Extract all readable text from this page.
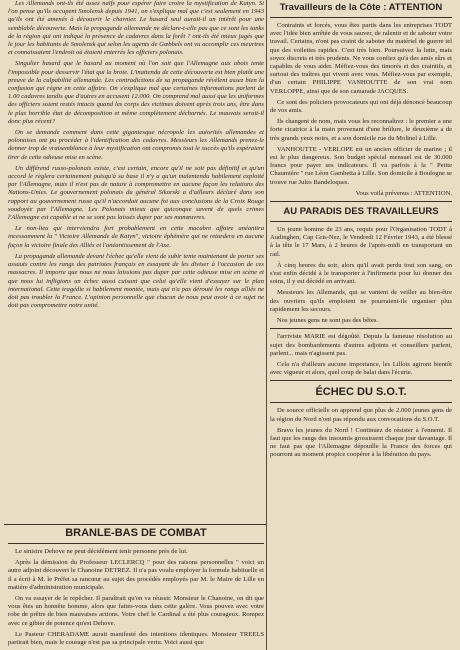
Les Allemands ont-ils été assez naïfs pour espérer faire croire la mystification de Katyn. Si l'on pense qu'ils occupent Smolensk depuis 1941, on s'explique mal que c'est seulement en 1943 qu'ils ont été amenés à découvrir le charnier. Le hasard seul aurait-il un intérêt pour une semblable découverte. Mais la propagande allemande ne déclare-t-elle pas que ce sont les tanks de la région qui ont indiqué la présence de cadavres dans la forêt ? ont-ils été mieux jugés que le jour les habitants de Smolensk qui selon les agents de Gœbbels ont vu accomplir ces meurtres et connaissaient l'endroit où étaient enterrés les officiers polonais.

Singulier hasard que le hasard au moment où l'on sait que l'Allemagne aux abois tente l'impossible pour desservir l'état qui la broie. L'inattendu de cette découverte est bien plutôt une preuve de la culpabilité allemande. Les contradictions de sa propagande révèlent assez bien la confusion qui règne en cette affaire. On s'explique mal que certaines informations parlent de 1.00 cadavres tandis que d'autres en accusent 12.000. On comprend mal aussi que les uniformes des officiers soient restés intacts quand les corps des victimes doivent après trois ans, être dans le plus horrible état de décomposition et même complètement décharnés. Le mauvais serait-il donc plus récent?

On se demande comment dans cette gigantesque nécropole les autorités allemandes et polonaises ont pu procéder à l'identification des cadavres. Messieurs les Allemands prenez-le donner trop de vraisemblance à leur mystification ont compromis tout le succès qu'ils espéraient tirer de cette odieuse mise en scène.

Un différend russo-polonais existe, c'est certain, encore qu'il ne soit pas définitif et qu'un accord le règlera certainement puisqu'à sa base il n'y a qu'un malentendu habilement exploité par l'Allemagne, mais il n'est pas de nature à compromettre en aucune façon les relations des Nations-Unies. Le gouvernement polonais du général Sikorski a d'ailleurs déclaré dans son rapport au gouvernement russe qu'il n'accordait aucune foi aux conclusions de la Croix Rouge soudoyée par l'Allemagne. Les Polonais mieux que quiconque savent de quels crimes l'Allemagne est capable et ne se sont pas laissés duper par ses manœuvres.

Le non-lieu qui interviendra fort probablement en cette macabre affaire anéantira incessamment la " Victoire Allemande de Katyn", victoire éphémère qui ne retardera en aucune façon la victoire finale des Alliés et l'anéantissement de l'Axe.

La propagande allemande devant l'échec qu'elle vient de subir tente maintenant de porter ses assauts contre les rangs des patriotes français en essayant de les diviser à l'occasion de ces massacres. Il importe que nous ne nous laissions pas duper par cette odieuse mise en scène et que nous lui infligions un échec aussi cuisant que celui qu'elle vient d'essuyer sur le plan international. Cette tragédie si habilement montée, mais qui n'a pas dérouté les rangs alliés ne doit pas troubler la France. L'opinion personnelle que chacun de nous peut avoir à ce sujet ne doit pas compromettre notre unité.

BRANLE-BAS DE COMBAT

Le sinistre Dehove ne peut décidément tenir personne près de lui.

Après la démission du Professeur LECLERCQ " pour des raisons personnelles " voici un autre adjoint découvert le Chanoine DETREZ. Il n'a pas voulu employer la formule habituelle et il a écrit à M. le Préfet sa rancœur au sujet des procédés employés par M. le Maire de Lille en matière d'administration municipale.

On va essayer de le repêcher. Il paraîtrait qu'on va réussir. Monsieur le Chanoine, on dit que vous êtes un honnête homme, alors que faites-vous dans cette galère. Vous pouvez avec votre robe de prêtre de bien mauvaises actions. Votre chef le Cardinal a été plus courageux. Rompez avec ce gibier de potence qu'est Dehove.

Le Pasteur CHERADAME aurait manifesté des intentions identiques. Monsieur TREELS partirait bien, mais le courage n'est pas sa principale vertu. Voici aussi que

Travailleurs de la Côte : ATTENTION

Contraints et forcés, vous êtes partis dans les entreprises TODT avec l'idée bien arrêtée de vous sauver, de ralentir et de saboter votre travail. Certains, n'ont pas craint de saboter du matériel de guerre tel que des voilettes rapides. C'est très bien. Poursuivez la lutte, mais soyez discrets et très prudents. Ne vous confiez qu'à des amis sûrs et capables de vous aider. Méfiez-vous des timorés et des craintifs, et surtout des traîtres qui vivent avec vous. Méfiez-vous par exemple, d'un certain PHILIPPE VANHOUTTE de son vrai nom VERLOPPE, ainsi que de son camarade JACQUES.

Ce sont des policiers provocateurs qui ont déjà dénoncé beaucoup de vos amis.

Ils changent de nom, mais vous les reconnaîtrez : le premier a une forte cicatrice à la main provenant d'une brûlure, le deuxième a de très grands yeux noirs, et a son domicile rue du Molinel à Lille.

VANHOUTTE - VERLOPE est un ancien officier de marine ; il est le plus dangereux. Son budget spécial mensuel est de 30.000 francs pour payer ses indicateurs. Il va parfois à la " Petite Chaumière " rue Léon Gambetta à Lille. Son domicile à Boulogne se trouve rue Jules Bandeloques.

Vous voilà prévenus : ATTENTION.

AU PARADIS DES TRAVAILLEURS

Un jeune homme de 23 ans, requis pour l'Organisation TODT à Audinghen, Cap Gris-Nez, le Vendredi 12 Février 1943, a été blessé à la tête le 17 Mars, à 2 heures de l'après-midi en transportant un rail.

À cinq heures du soir, alors qu'il avait perdu tout son sang, on s'est enfin décidé à le transporter à l'infirmerie pour lui donner des soins, il y est décédé en arrivant.

Messieurs les Allemands, qui se vantent de veiller au bien-être des ouvriers qu'ils emploient ne pourraient-ils organiser plus rapidement les secours.

Nos jeunes gens ne sont pas des bêtes.

l'arriviste MARIE est dégoûté. Depuis la fameuse résolution au sujet des bombardements d'autres adjoints et conseillers parlent, parlent... mais n'agissent pas.

Cela n'a d'ailleurs aucune importance, les Lillois agiront bientôt avec vigueur et alors, quel coup de balai dans l'écurie.

ÉCHEC DU S.O.T.

De source officielle on apprend que plus de 2.000 jeunes gens de la région du Nord n'ont pas répondu aux convocations du S.O.T.

Bravo les jeunes du Nord ! Continuez de résister à l'ennemi. Il faut que les rangs des insoumis grossissent chaque jour davantage. Il ne faut pas que l'Allemagne dépouille la France des forces qui pourront au moment propice coopérer à la libération du pays.
